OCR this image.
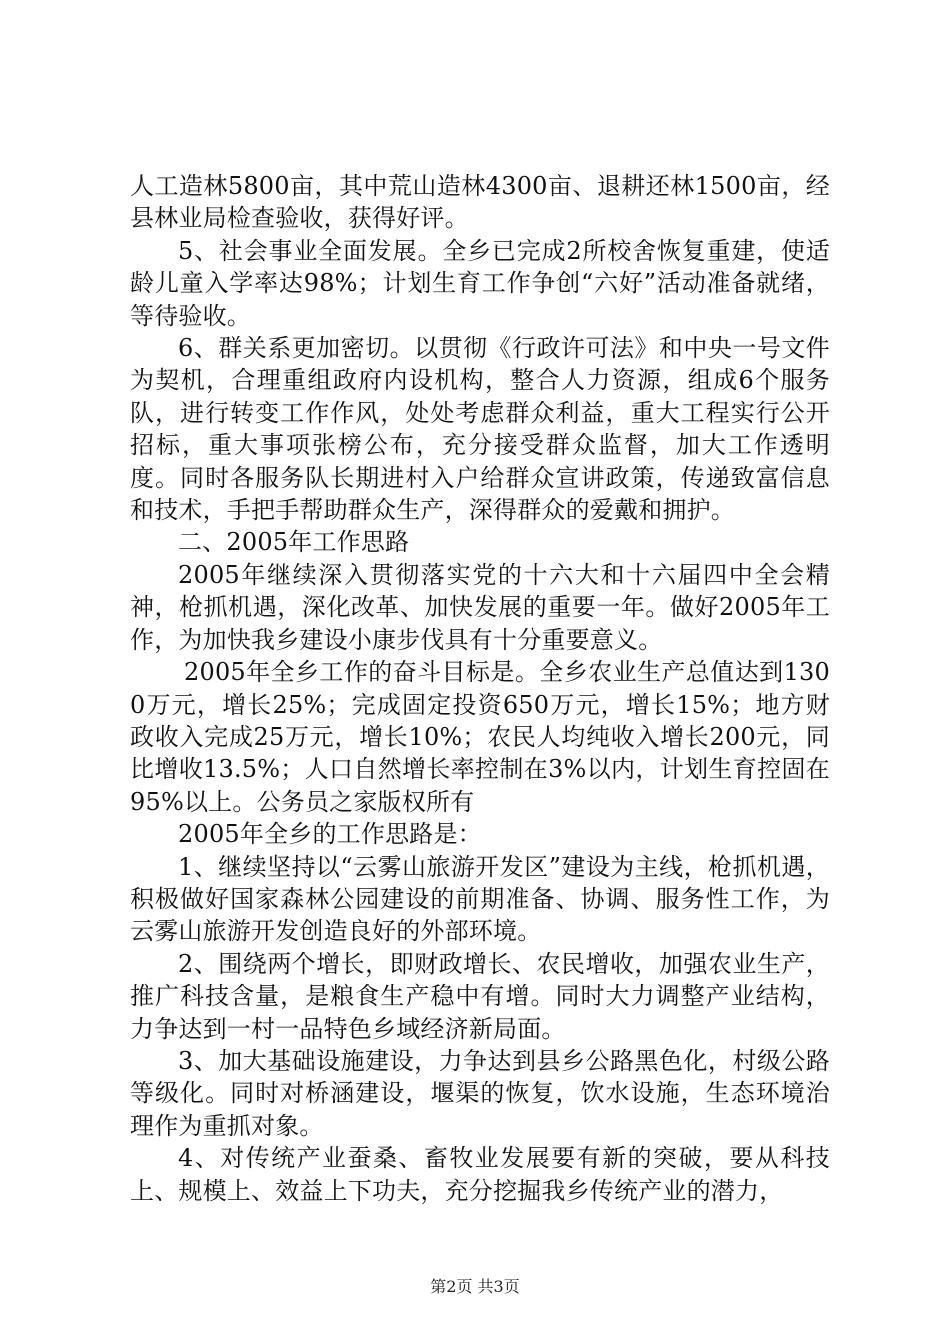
人工造林5800亩，其中荒山造林4300亩、退耕还林1500亩，经县林业局检查验收，获得好评。

5、社会事业全面发展。全乡已完成2所校舍恢复重建，使适龄儿童入学率达98%；计划生育工作争创“六好”活动准备就绪，等待验收。

6、群关系更加密切。以贯彻《行政许可法》和中央一号文件为契机，合理重组政府内设机构，整合人力资源，组成6个服务队，进行转变工作作风，处处考虑群众利益，重大工程实行公开招标，重大事项张榜公布，充分接受群众监督，加大工作透明度。同时各服务队长期进村入户给群众宣讲政策，传递致富信息和技术，手把手帮助群众生产，深得群众的爱戴和拥护。

二、2005年工作思路

2005年继续深入贯彻落实党的十六大和十六届四中全会精神，枪抓机遇，深化改革、加快发展的重要一年。做好2005年工作，为加快我乡建设小康步伐具有十分重要意义。

2005年全乡工作的奋斗目标是。全乡农业生产总值达到1300万元，增长25%；完成固定投资650万元，增长15%；地方财政收入完成25万元，增长10%；农民人均纯收入增长200元，同比增收13.5%；人口自然增长率控制在3%以内，计划生育控固在95%以上。公务员之家版权所有

2005年全乡的工作思路是：

1、继续坚持以“云雾山旅游开发区”建设为主线，枪抓机遇，积极做好国家森林公园建设的前期准备、协调、服务性工作，为云雾山旅游开发创造良好的外部环境。

2、围绕两个增长，即财政增长、农民增收，加强农业生产，推广科技含量，是粮食生产稳中有增。同时大力调整产业结构，力争达到一村一品特色乡域经济新局面。

3、加大基础设施建设，力争达到县乡公路黑色化，村级公路等级化。同时对桥涵建设，堰渠的恢复，饮水设施，生态环境治理作为重抓对象。

4、对传统产业蚕桑、畜牧业发展要有新的突破，要从科技上、规模上、效益上下功夫，充分挖掘我乡传统产业的潜力，

第2页 共3页
